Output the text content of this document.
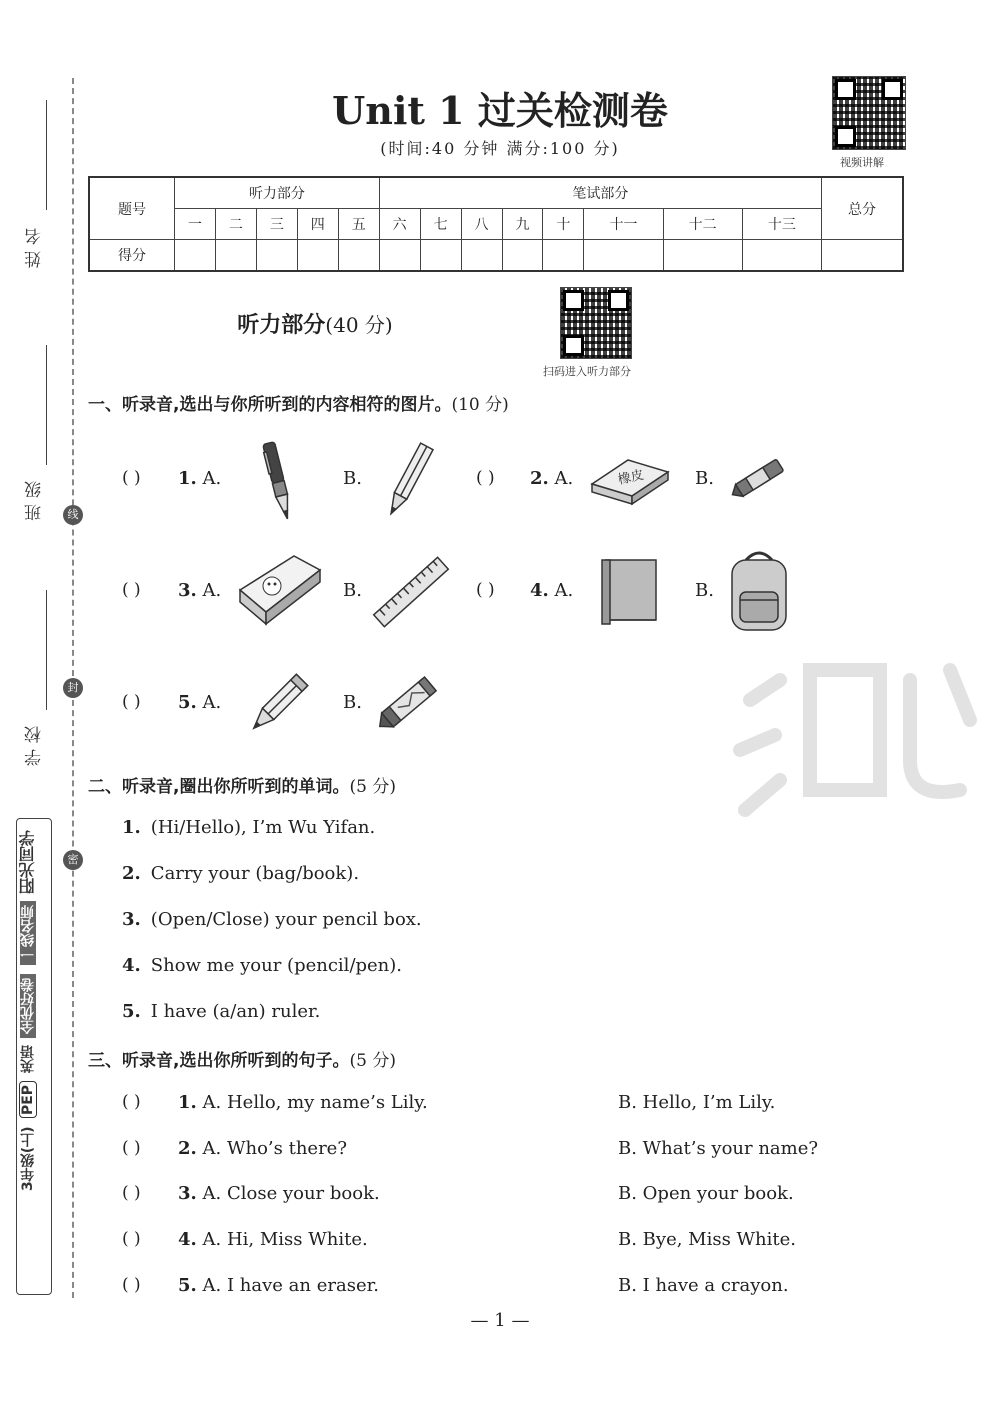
姓名
班级
学校
线
封
密
3年级(上) PEP 英语 全优好卷 一线名师 阳光同学
Unit 1 过关检测卷
(时间:40 分钟 满分:100 分)
视频讲解
题号	听力部分					笔试部分								总分
	一	二	三	四	五	六	七	八	九	十	十一	十二	十三	
得分														
听力部分(40 分)
扫码进入听力部分
一、听录音,选出与你所听到的内容相符的图片。(10 分)
( ) 1. A.	B.	( ) 2. A.	橡皮	B.
( ) 3. A.	B.	( ) 4. A.	B.
( ) 5. A.	B.
二、听录音,圈出你所听到的单词。(5 分)
1. (Hi/Hello), I’m Wu Yifan.
2. Carry your (bag/book).
3. (Open/Close) your pencil box.
4. Show me your (pencil/pen).
5. I have (a/an) ruler.
三、听录音,选出你所听到的句子。(5 分)
( ) 1. A. Hello, my name’s Lily.	B. Hello, I’m Lily.
( ) 2. A. Who’s there?	B. What’s your name?
( ) 3. A. Close your book.	B. Open your book.
( ) 4. A. Hi, Miss White.	B. Bye, Miss White.
( ) 5. A. I have an eraser.	B. I have a crayon.
— 1 —
